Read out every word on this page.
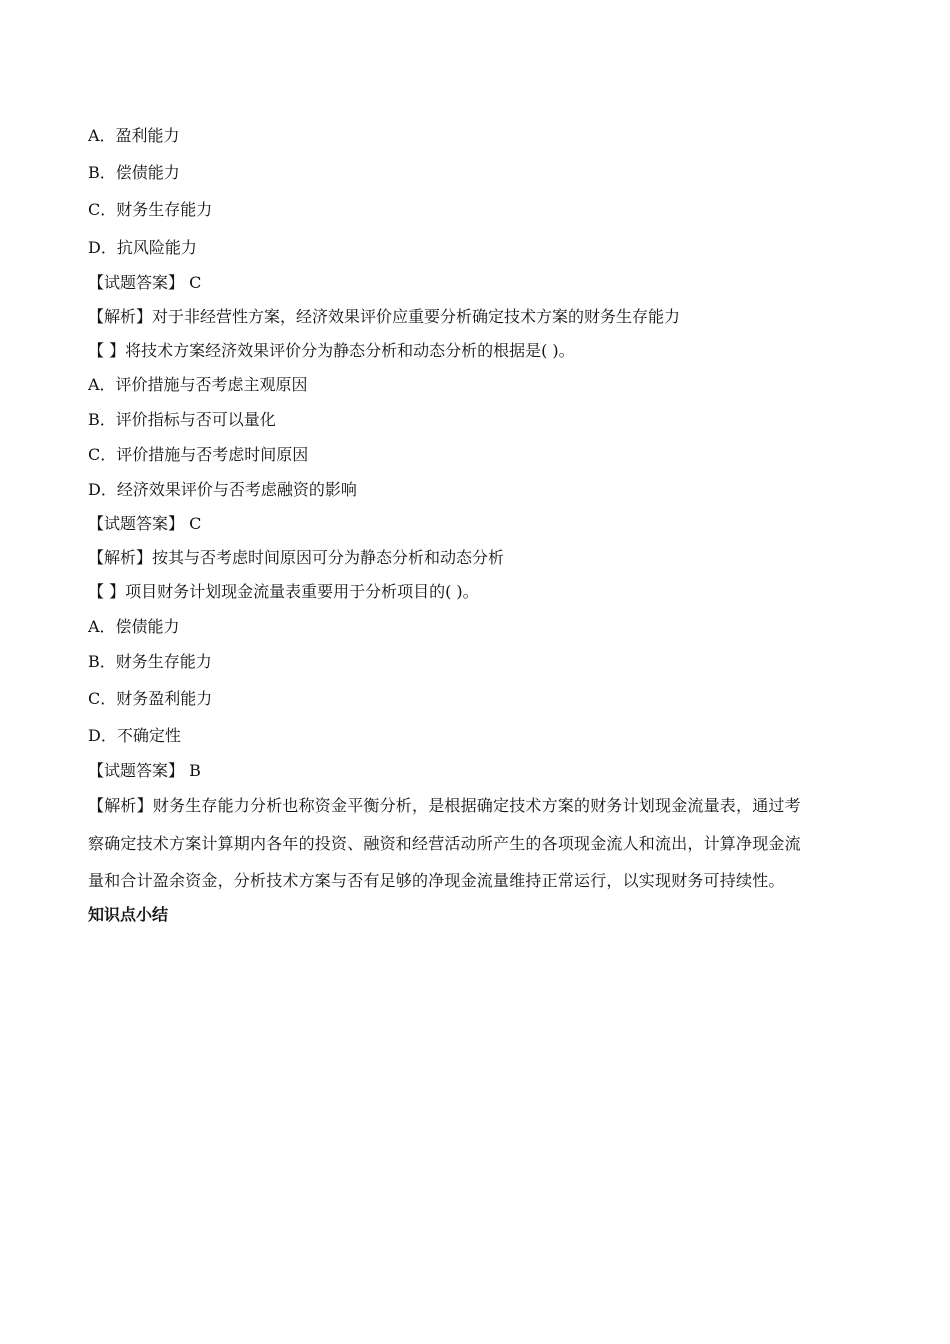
A．盈利能力
B．偿债能力
C．财务生存能力
D．抗风险能力
【试题答案】 C
【解析】对于非经营性方案，经济效果评价应重要分析确定技术方案的财务生存能力
【 】将技术方案经济效果评价分为静态分析和动态分析的根据是( )。
A．评价措施与否考虑主观原因
B．评价指标与否可以量化
C．评价措施与否考虑时间原因
D．经济效果评价与否考虑融资的影响
【试题答案】 C
【解析】按其与否考虑时间原因可分为静态分析和动态分析
【 】项目财务计划现金流量表重要用于分析项目的( )。
A．偿债能力
B．财务生存能力
C．财务盈利能力
D．不确定性
【试题答案】 B
【解析】财务生存能力分析也称资金平衡分析，是根据确定技术方案的财务计划现金流量表，通过考
察确定技术方案计算期内各年的投资、融资和经营活动所产生的各项现金流人和流出，计算净现金流
量和合计盈余资金，分析技术方案与否有足够的净现金流量维持正常运行，以实现财务可持续性。
知识点小结
